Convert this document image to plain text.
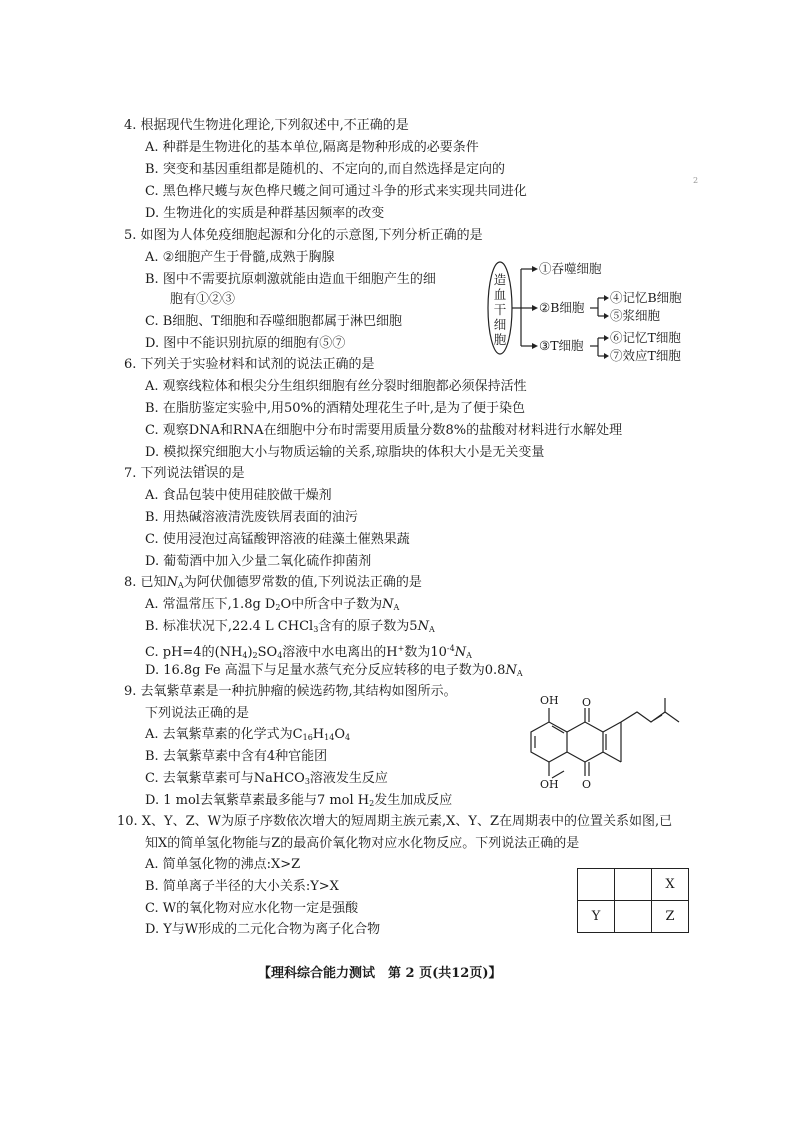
2
4. 根据现代生物进化理论,下列叙述中,不正确的是
A. 种群是生物进化的基本单位,隔离是物种形成的必要条件
B. 突变和基因重组都是随机的、不定向的,而自然选择是定向的
C. 黑色桦尺蠖与灰色桦尺蠖之间可通过斗争的形式来实现共同进化
D. 生物进化的实质是种群基因频率的改变
5. 如图为人体免疫细胞起源和分化的示意图,下列分析正确的是
A. ②细胞产生于骨髓,成熟于胸腺
B. 图中不需要抗原刺激就能由造血干细胞产生的细
胞有①②③
C. B细胞、T细胞和吞噬细胞都属于淋巴细胞
D. 图中不能识别抗原的细胞有⑤⑦
造血干细胞
①吞噬细胞
②B细胞
③T细胞
④记忆B细胞
⑤浆细胞
⑥记忆T细胞
⑦效应T细胞
6. 下列关于实验材料和试剂的说法正确的是
A. 观察线粒体和根尖分生组织细胞有丝分裂时细胞都必须保持活性
B. 在脂肪鉴定实验中,用50%的酒精处理花生子叶,是为了便于染色
C. 观察DNA和RNA在细胞中分布时需要用质量分数8%的盐酸对材料进行水解处理
D. 模拟探究细胞大小与物质运输的关系,琼脂块的体积大小是无关变量
7. 下列说法错误的是
A. 食品包装中使用硅胶做干燥剂
B. 用热碱溶液清洗废铁屑表面的油污
C. 使用浸泡过高锰酸钾溶液的硅藻土催熟果蔬
D. 葡萄酒中加入少量二氧化硫作抑菌剂
8. 已知$N_A$为阿伏伽德罗常数的值,下列说法正确的是
A. 常温常压下,1.8g $D_2O$中所含中子数为$N_A$
B. 标准状况下,22.4 L CHCl$_3$含有的原子数为$5N_A$
C. pH=4的$(NH_4)_2SO_4$溶液中水电离出的H+数为$10^{-4}N_A$
D. 16.8g Fe 高温下与足量水蒸气充分反应转移的电子数为$0.8N_A$
9. 去氧紫草素是一种抗肿瘤的候选药物,其结构如图所示。
下列说法正确的是
A. 去氧紫草素的化学式为$C_{16}H_{14}O_4$
B. 去氧紫草素中含有4种官能团
C. 去氧紫草素可与NaHCO$_3$溶液发生反应
D. 1 mol去氧紫草素最多能与7 mol $H_2$发生加成反应
OH O
OH O
10. X、Y、Z、W为原子序数依次增大的短周期主族元素,X、Y、Z在周期表中的位置关系如图,已
知X的简单氢化物能与Z的最高价氧化物对应水化物反应。下列说法正确的是
A. 简单氢化物的沸点:X>Z
B. 简单离子半径的大小关系:Y>X
C. W的氧化物对应水化物一定是强酸
D. Y与W形成的二元化合物为离子化合物
		X
Y		Z
【理科综合能力测试　第 2 页(共12页)】
